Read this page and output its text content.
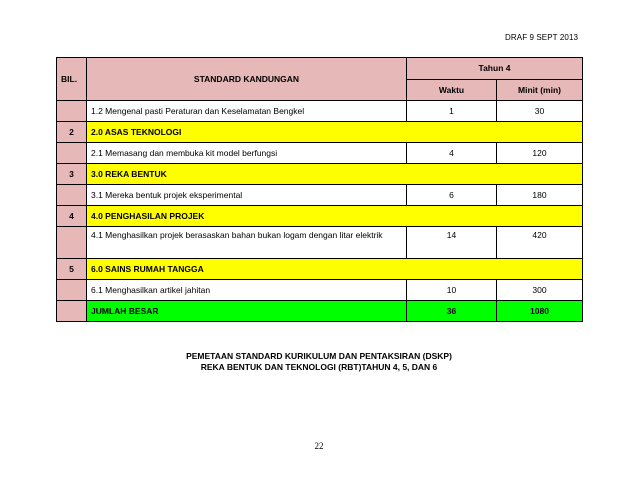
DRAF 9 SEPT 2013
BIL.	STANDARD KANDUNGAN	Tahun 4	
		Waktu	Minit (min)
	1.2 Mengenal pasti Peraturan dan Keselamatan Bengkel	1	30
2	2.0 ASAS TEKNOLOGI		
	2.1 Memasang dan membuka kit model berfungsi	4	120
3	3.0 REKA BENTUK		
	3.1 Mereka bentuk projek eksperimental	6	180
4	4.0 PENGHASILAN PROJEK		
	4.1 Menghasilkan projek berasaskan bahan bukan logam dengan litar elektrik	14	420
5	6.0 SAINS RUMAH TANGGA		
	6.1 Menghasilkan artikel jahitan	10	300
	JUMLAH BESAR	36	1080
PEMETAAN STANDARD KURIKULUM DAN PENTAKSIRAN (DSKP)
REKA BENTUK DAN TEKNOLOGI (RBT)TAHUN 4, 5, DAN 6
22
